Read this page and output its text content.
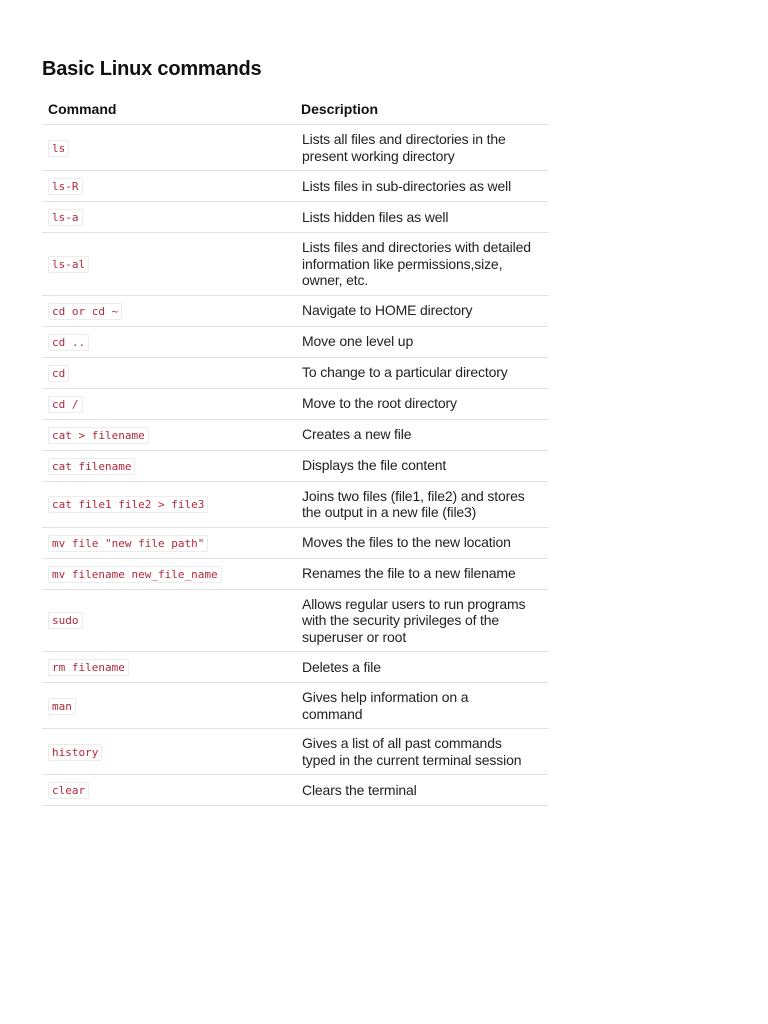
Basic Linux commands
Command	Description
ls	Lists all files and directories in the present working directory
ls-R	Lists files in sub-directories as well
ls-a	Lists hidden files as well
ls-al	Lists files and directories with detailed information like permissions,size, owner, etc.
cd or cd ~	Navigate to HOME directory
cd ..	Move one level up
cd	To change to a particular directory
cd /	Move to the root directory
cat > filename	Creates a new file
cat filename	Displays the file content
cat file1 file2 > file3	Joins two files (file1, file2) and stores the output in a new file (file3)
mv file "new file path"	Moves the files to the new location
mv filename new_file_name	Renames the file to a new filename
sudo	Allows regular users to run programs with the security privileges of the superuser or root
rm filename	Deletes a file
man	Gives help information on a command
history	Gives a list of all past commands typed in the current terminal session
clear	Clears the terminal
